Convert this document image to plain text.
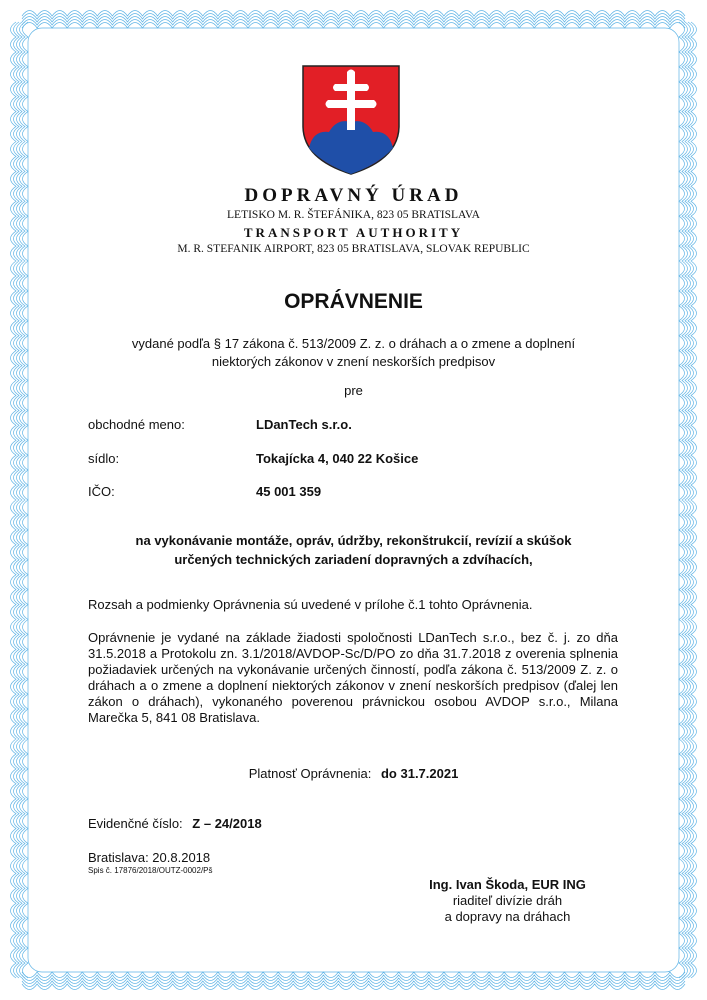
DOPRAVNÝ ÚRAD
LETISKO M. R. ŠTEFÁNIKA, 823 05 BRATISLAVA
TRANSPORT AUTHORITY
M. R. STEFANIK AIRPORT, 823 05 BRATISLAVA, SLOVAK REPUBLIC
OPRÁVNENIE
vydané podľa § 17 zákona č. 513/2009 Z. z. o dráhach a o zmene a doplnení
niektorých zákonov v znení neskorších predpisov
pre
obchodné meno:	LDanTech s.r.o.
sídlo:	Tokajícka 4, 040 22 Košice
IČO:	45 001 359
na vykonávanie montáže, opráv, údržby, rekonštrukcií, revízií a skúšok
určených technických zariadení dopravných a zdvíhacích,
Rozsah a podmienky Oprávnenia sú uvedené v prílohe č.1 tohto Oprávnenia.
Oprávnenie je vydané na základe žiadosti spoločnosti LDanTech s.r.o., bez č. j. zo dňa 31.5.2018 a Protokolu zn. 3.1/2018/AVDOP-Sc/D/PO zo dňa 31.7.2018 z overenia splnenia požiadaviek určených na vykonávanie určených činností, podľa zákona č. 513/2009 Z. z. o dráhach a o zmene a doplnení niektorých zákonov v znení neskorších predpisov (ďalej len zákon o dráhach), vykonaného poverenou právnickou osobou AVDOP s.r.o., Milana Marečka 5, 841 08 Bratislava.
Platnosť Oprávnenia: do 31.7.2021
Evidenčné číslo: Z – 24/2018
Bratislava: 20.8.2018
Spis č. 17876/2018/OUTZ-0002/Pš
Ing. Ivan Škoda, EUR ING
riaditeľ divízie dráh
a dopravy na dráhach
